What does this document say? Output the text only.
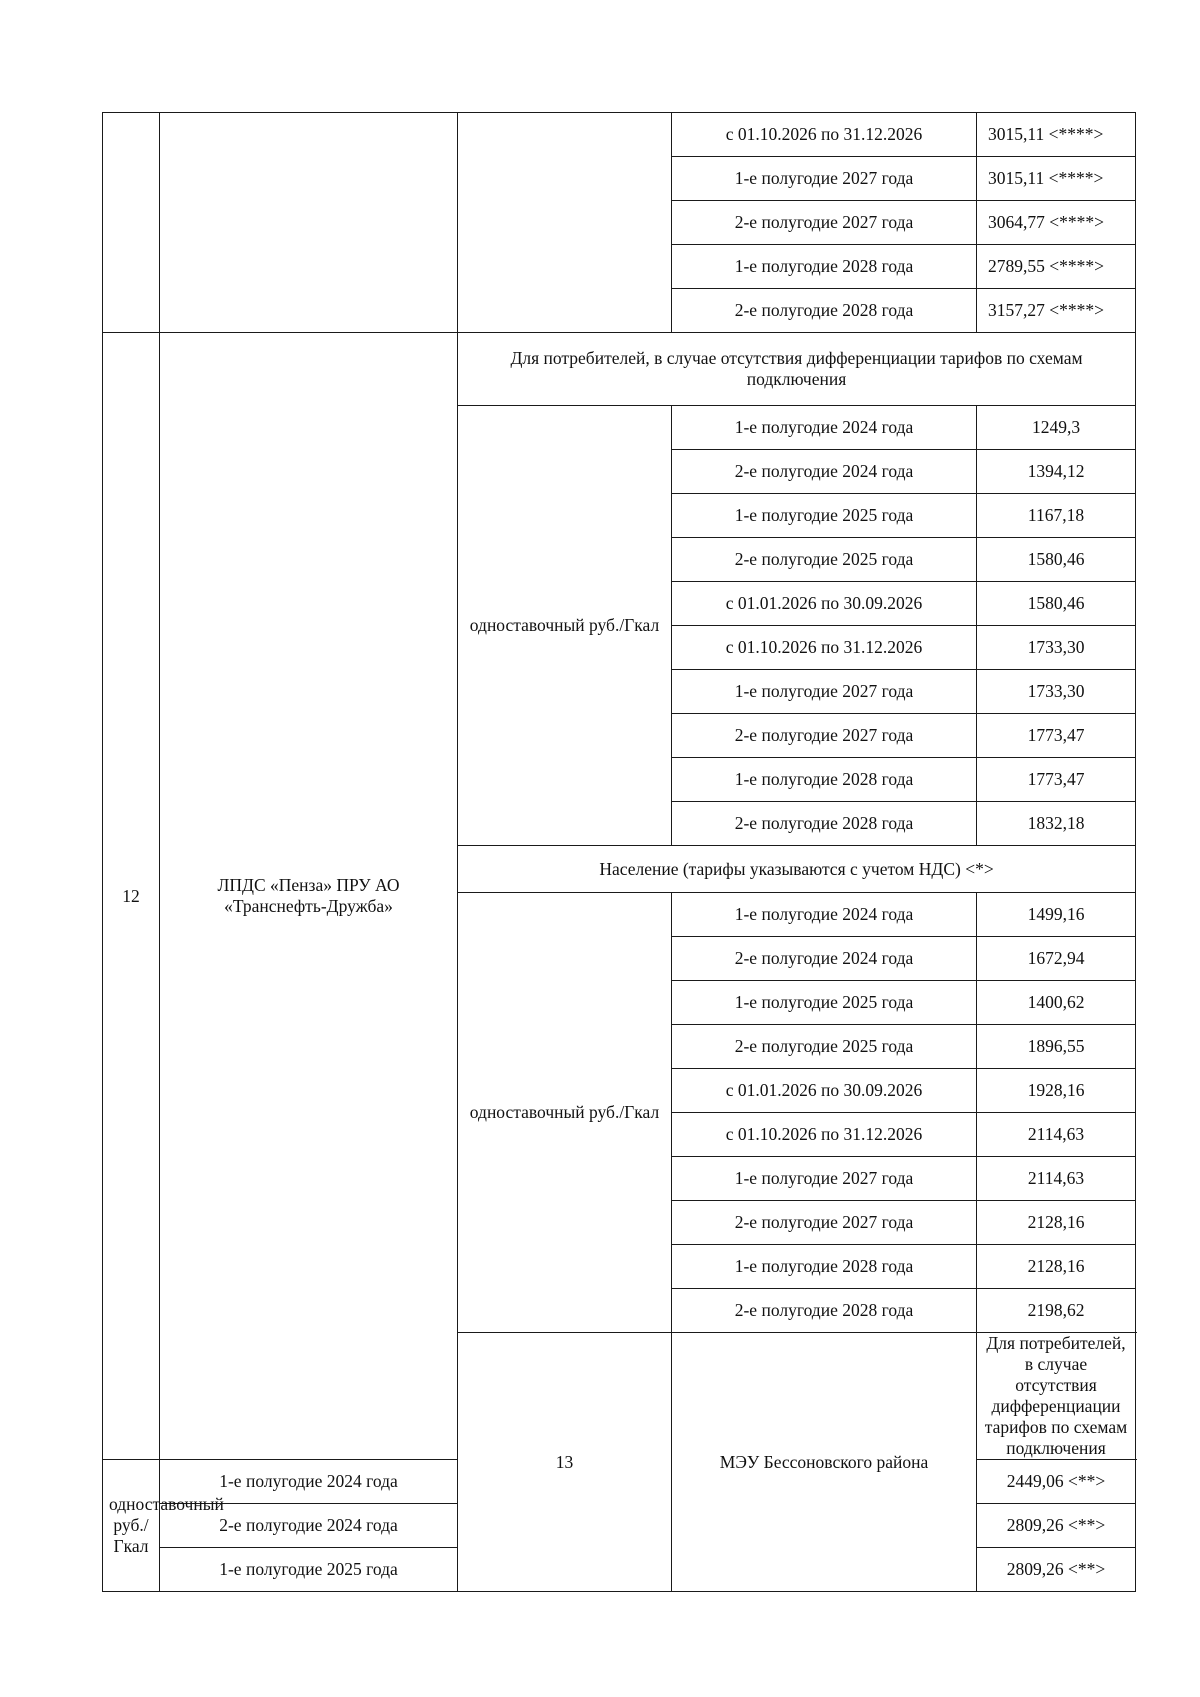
			с 01.10.2026 по 31.12.2026	3015,11 <****>
			1-е полугодие 2027 года	3015,11 <****>
			2-е полугодие 2027 года	3064,77 <****>
			1-е полугодие 2028 года	2789,55 <****>
			2-е полугодие 2028 года	3157,27 <****>
12	ЛПДС «Пенза» ПРУ АО «Транснефть-Дружба»	Для потребителей, в случае отсутствия дифференциации тарифов по схемам подключения		
		одноставочный руб./Гкал	1-е полугодие 2024 года	1249,3
			2-е полугодие 2024 года	1394,12
			1-е полугодие 2025 года	1167,18
			2-е полугодие 2025 года	1580,46
			с 01.01.2026 по 30.09.2026	1580,46
			с 01.10.2026 по 31.12.2026	1733,30
			1-е полугодие 2027 года	1733,30
			2-е полугодие 2027 года	1773,47
			1-е полугодие 2028 года	1773,47
			2-е полугодие 2028 года	1832,18
		Население (тарифы указываются с учетом НДС) <*>		
		одноставочный руб./Гкал	1-е полугодие 2024 года	1499,16
			2-е полугодие 2024 года	1672,94
			1-е полугодие 2025 года	1400,62
			2-е полугодие 2025 года	1896,55
			с 01.01.2026 по 30.09.2026	1928,16
			с 01.10.2026 по 31.12.2026	2114,63
			1-е полугодие 2027 года	2114,63
			2-е полугодие 2027 года	2128,16
			1-е полугодие 2028 года	2128,16
			2-е полугодие 2028 года	2198,62
		13	МЭУ Бессоновского района	Для потребителей, в случае отсутствия дифференциации тарифов по схемам подключения
одноставочный руб./Гкал	1-е полугодие 2024 года			2449,06 <**>
	2-е полугодие 2024 года			2809,26 <**>
	1-е полугодие 2025 года			2809,26 <**>
